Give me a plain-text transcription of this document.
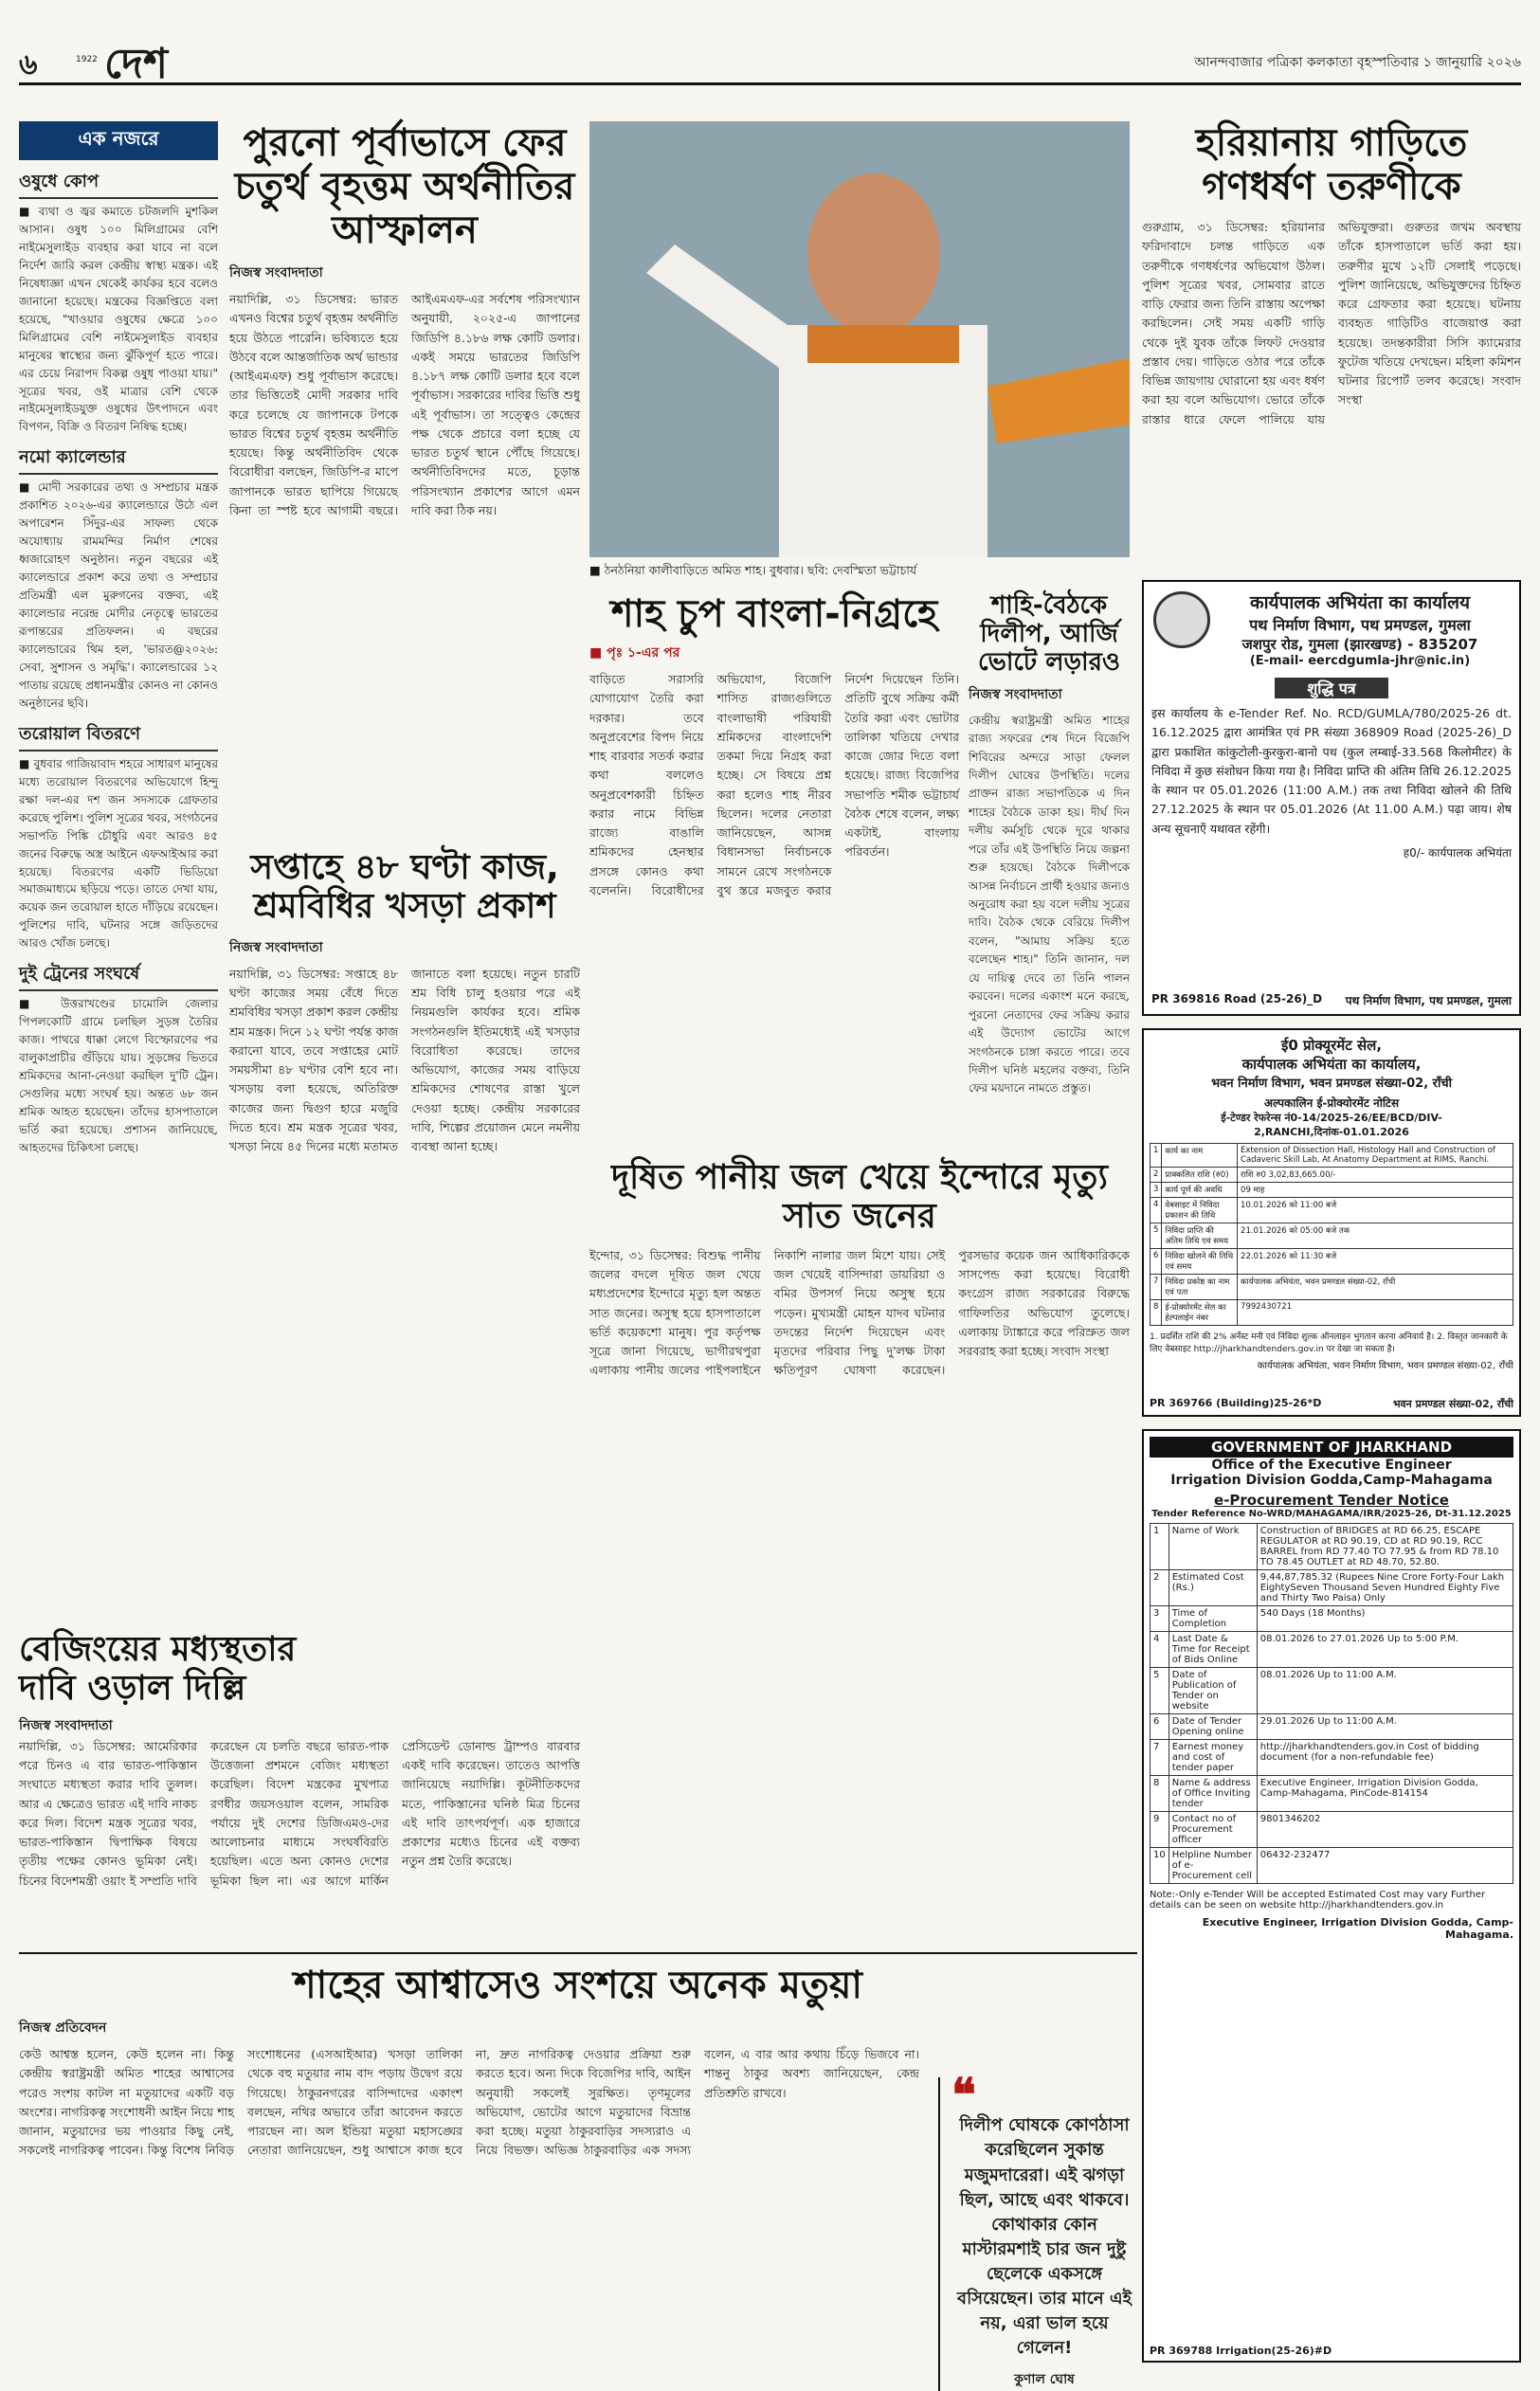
৬	1922 দেশ	আনন্দবাজার পত্রিকা কলকাতা বৃহস্পতিবার ১ জানুয়ারি ২০২৬
এক নজরে
ওষুধে কোপ
■ ব্যথা ও জ্বর কমাতে চটজলদি মুশকিল আসান। ওষুধ ১০০ মিলিগ্রামের বেশি নাইমেসুলাইড ব্যবহার করা যাবে না বলে নির্দেশ জারি করল কেন্দ্রীয় স্বাস্থ্য মন্ত্রক। এই নিষেধাজ্ঞা এখন থেকেই কার্যকর হবে বলেও জানানো হয়েছে। মন্ত্রকের বিজ্ঞপ্তিতে বলা হয়েছে, "খাওয়ার ওষুধের ক্ষেত্রে ১০০ মিলিগ্রামের বেশি নাইমেসুলাইড ব্যবহার মানুষের স্বাস্থ্যের জন্য ঝুঁকিপূর্ণ হতে পারে। এর চেয়ে নিরাপদ বিকল্প ওষুধ পাওয়া যায়।" সূত্রের খবর, ওই মাত্রার বেশি থেকে নাইমেসুলাইডযুক্ত ওষুধের উৎপাদনে এবং বিপণন, বিক্রি ও বিতরণ নিষিদ্ধ হচ্ছে।
নমো ক্যালেন্ডার
■ মোদী সরকারের তথ্য ও সম্প্রচার মন্ত্রক প্রকাশিত ২০২৬-এর ক্যালেন্ডারে উঠে এল অপারেশন সিঁদুর-এর সাফল্য থেকে অযোধ্যায় রামমন্দির নির্মাণ শেষের ধ্বজারোহণ অনুষ্ঠান। নতুন বছরের এই ক্যালেন্ডারে প্রকাশ করে তথ্য ও সম্প্রচার প্রতিমন্ত্রী এল মুরুগনের বক্তব্য, এই ক্যালেন্ডার নরেন্দ্র মোদীর নেতৃত্বে ভারতের রূপান্তরের প্রতিফলন। এ বছরের ক্যালেন্ডারের থিম হল, 'ভারত@২০২৬: সেবা, সুশাসন ও সমৃদ্ধি'। ক্যালেন্ডারের ১২ পাতায় রয়েছে প্রধানমন্ত্রীর কোনও না কোনও অনুষ্ঠানের ছবি।
তরোয়াল বিতরণে
■ বুধবার গাজিয়াবাদ শহরে সাধারণ মানুষের মধ্যে তরোয়াল বিতরণের অভিযোগে হিন্দু রক্ষা দল-এর দশ জন সদস্যকে গ্রেফতার করেছে পুলিশ। পুলিশ সূত্রের খবর, সংগঠনের সভাপতি পিঙ্কি চৌধুরি এবং আরও ৪৫ জনের বিরুদ্ধে অস্ত্র আইনে এফআইআর করা হয়েছে। বিতরণের একটি ভিডিয়ো সমাজমাধ্যমে ছড়িয়ে পড়ে। তাতে দেখা যায়, কয়েক জন তরোয়াল হাতে দাঁড়িয়ে রয়েছেন। পুলিশের দাবি, ঘটনার সঙ্গে জড়িতদের আরও খোঁজ চলছে।
দুই ট্রেনের সংঘর্ষে
■ উত্তরাখণ্ডের চামোলি জেলার পিপলকোটি গ্রামে চলছিল সুড়ঙ্গ তৈরির কাজ। পাথরে ধাক্কা লেগে বিস্ফোরণের পর বালুকাপ্রাচীর গুঁড়িয়ে যায়। সুড়ঙ্গের ভিতরে শ্রমিকদের আনা-নেওয়া করছিল দু'টি ট্রেন। সেগুলির মধ্যে সংঘর্ষ হয়। অন্তত ৬৮ জন শ্রমিক আহত হয়েছেন। তাঁদের হাসপাতালে ভর্তি করা হয়েছে। প্রশাসন জানিয়েছে, আহতদের চিকিৎসা চলছে।
পুরনো পূর্বাভাসে ফের চতুর্থ বৃহত্তম অর্থনীতির আস্ফালন
নিজস্ব সংবাদদাতা
নয়াদিল্লি, ৩১ ডিসেম্বর: ভারত এখনও বিশ্বের চতুর্থ বৃহত্তম অর্থনীতি হয়ে উঠতে পারেনি। ভবিষ্যতে হয়ে উঠবে বলে আন্তর্জাতিক অর্থ ভান্ডার (আইএমএফ) শুধু পূর্বাভাস করেছে। তার ভিত্তিতেই মোদী সরকার দাবি করে চলেছে যে জাপানকে টপকে ভারত বিশ্বের চতুর্থ বৃহত্তম অর্থনীতি হয়েছে। কিন্তু অর্থনীতিবিদ থেকে বিরোধীরা বলছেন, জিডিপি-র মাপে জাপানকে ভারত ছাপিয়ে গিয়েছে কিনা তা স্পষ্ট হবে আগামী বছরে। আইএমএফ-এর সর্বশেষ পরিসংখ্যান অনুযায়ী, ২০২৫-এ জাপানের জিডিপি ৪.১৮৬ লক্ষ কোটি ডলার। একই সময়ে ভারতের জিডিপি ৪.১৮৭ লক্ষ কোটি ডলার হবে বলে পূর্বাভাস। সরকারের দাবির ভিত্তি শুধু এই পূর্বাভাস। তা সত্ত্বেও কেন্দ্রের পক্ষ থেকে প্রচারে বলা হচ্ছে যে ভারত চতুর্থ স্থানে পৌঁছে গিয়েছে। অর্থনীতিবিদদের মতে, চূড়ান্ত পরিসংখ্যান প্রকাশের আগে এমন দাবি করা ঠিক নয়।
সপ্তাহে ৪৮ ঘণ্টা কাজ, শ্রমবিধির খসড়া প্রকাশ
নিজস্ব সংবাদদাতা
নয়াদিল্লি, ৩১ ডিসেম্বর: সপ্তাহে ৪৮ ঘণ্টা কাজের সময় বেঁধে দিতে শ্রমবিধির খসড়া প্রকাশ করল কেন্দ্রীয় শ্রম মন্ত্রক। দিনে ১২ ঘণ্টা পর্যন্ত কাজ করানো যাবে, তবে সপ্তাহের মোট সময়সীমা ৪৮ ঘণ্টার বেশি হবে না। খসড়ায় বলা হয়েছে, অতিরিক্ত কাজের জন্য দ্বিগুণ হারে মজুরি দিতে হবে। শ্রম মন্ত্রক সূত্রের খবর, খসড়া নিয়ে ৪৫ দিনের মধ্যে মতামত জানাতে বলা হয়েছে। নতুন চারটি শ্রম বিধি চালু হওয়ার পরে এই নিয়মগুলি কার্যকর হবে। শ্রমিক সংগঠনগুলি ইতিমধ্যেই এই খসড়ার বিরোধিতা করেছে। তাদের অভিযোগ, কাজের সময় বাড়িয়ে শ্রমিকদের শোষণের রাস্তা খুলে দেওয়া হচ্ছে। কেন্দ্রীয় সরকারের দাবি, শিল্পের প্রয়োজন মেনে নমনীয় ব্যবস্থা আনা হচ্ছে।
■ ঠনঠনিয়া কালীবাড়িতে অমিত শাহ। বুধবার। ছবি: দেবস্মিতা ভট্টাচার্য
শাহ চুপ বাংলা-নিগ্রহে
■ পৃঃ ১-এর পর
বাড়িতে সরাসরি যোগাযোগ তৈরি করা দরকার। তবে অনুপ্রবেশের বিপদ নিয়ে শাহ বারবার সতর্ক করার কথা বললেও অনুপ্রবেশকারী চিহ্নিত করার নামে বিভিন্ন রাজ্যে বাঙালি শ্রমিকদের হেনস্থার প্রসঙ্গে কোনও কথা বলেননি। বিরোধীদের অভিযোগ, বিজেপি শাসিত রাজ্যগুলিতে বাংলাভাষী পরিযায়ী শ্রমিকদের বাংলাদেশি তকমা দিয়ে নিগ্রহ করা হচ্ছে। সে বিষয়ে প্রশ্ন করা হলেও শাহ নীরব ছিলেন। দলের নেতারা জানিয়েছেন, আসন্ন বিধানসভা নির্বাচনকে সামনে রেখে সংগঠনকে বুথ স্তরে মজবুত করার নির্দেশ দিয়েছেন তিনি। প্রতিটি বুথে সক্রিয় কর্মী তৈরি করা এবং ভোটার তালিকা খতিয়ে দেখার কাজে জোর দিতে বলা হয়েছে। রাজ্য বিজেপির সভাপতি শমীক ভট্টাচার্য বৈঠক শেষে বলেন, লক্ষ্য একটাই, বাংলায় পরিবর্তন।
শাহি-বৈঠকে দিলীপ, আর্জি ভোটে লড়ারও
নিজস্ব সংবাদদাতা
কেন্দ্রীয় স্বরাষ্ট্রমন্ত্রী অমিত শাহের রাজ্য সফরের শেষ দিনে বিজেপি শিবিরের অন্দরে সাড়া ফেলল দিলীপ ঘোষের উপস্থিতি। দলের প্রাক্তন রাজ্য সভাপতিকে এ দিন শাহের বৈঠকে ডাকা হয়। দীর্ঘ দিন দলীয় কর্মসূচি থেকে দূরে থাকার পরে তাঁর এই উপস্থিতি নিয়ে জল্পনা শুরু হয়েছে। বৈঠকে দিলীপকে আসন্ন নির্বাচনে প্রার্থী হওয়ার জন্যও অনুরোধ করা হয় বলে দলীয় সূত্রের দাবি। বৈঠক থেকে বেরিয়ে দিলীপ বলেন, "আমায় সক্রিয় হতে বলেছেন শাহ।" তিনি জানান, দল যে দায়িত্ব দেবে তা তিনি পালন করবেন। দলের একাংশ মনে করছে, পুরনো নেতাদের ফের সক্রিয় করার এই উদ্যোগ ভোটের আগে সংগঠনকে চাঙ্গা করতে পারে। তবে দিলীপ ঘনিষ্ঠ মহলের বক্তব্য, তিনি ফের ময়দানে নামতে প্রস্তুত।
হরিয়ানায় গাড়িতে গণধর্ষণ তরুণীকে
গুরুগ্রাম, ৩১ ডিসেম্বর: হরিয়ানার ফরিদাবাদে চলন্ত গাড়িতে এক তরুণীকে গণধর্ষণের অভিযোগ উঠল। পুলিশ সূত্রের খবর, সোমবার রাতে বাড়ি ফেরার জন্য তিনি রাস্তায় অপেক্ষা করছিলেন। সেই সময় একটি গাড়ি থেকে দুই যুবক তাঁকে লিফট দেওয়ার প্রস্তাব দেয়। গাড়িতে ওঠার পরে তাঁকে বিভিন্ন জায়গায় ঘোরানো হয় এবং ধর্ষণ করা হয় বলে অভিযোগ। ভোরে তাঁকে রাস্তার ধারে ফেলে পালিয়ে যায় অভিযুক্তরা। গুরুতর জখম অবস্থায় তাঁকে হাসপাতালে ভর্তি করা হয়। তরুণীর মুখে ১২টি সেলাই পড়েছে। পুলিশ জানিয়েছে, অভিযুক্তদের চিহ্নিত করে গ্রেফতার করা হয়েছে। ঘটনায় ব্যবহৃত গাড়িটিও বাজেয়াপ্ত করা হয়েছে। তদন্তকারীরা সিসি ক্যামেরার ফুটেজ খতিয়ে দেখছেন। মহিলা কমিশন ঘটনার রিপোর্ট তলব করেছে। সংবাদ সংস্থা
कार्यपालक अभियंता का कार्यालय
पथ निर्माण विभाग, पथ प्रमण्डल, गुमला
जशपुर रोड, गुमला (झारखण्ड) - 835207
(E-mail- eercdgumla-jhr@nic.in)
शुद्धि पत्र
इस कार्यालय के e-Tender Ref. No. RCD/GUMLA/780/2025-26 dt. 16.12.2025 द्वारा आमंत्रित एवं PR संख्या 368909 Road (2025-26)_D द्वारा प्रकाशित कांकुटोली-कुरकुरा-बानो पथ (कुल लम्बाई-33.568 किलोमीटर) के निविदा में कुछ संशोधन किया गया है। निविदा प्राप्ति की अंतिम तिथि 26.12.2025 के स्थान पर 05.01.2026 (11:00 A.M.) तक तथा निविदा खोलने की तिथि 27.12.2025 के स्थान पर 05.01.2026 (At 11.00 A.M.) पढ़ा जाय। शेष अन्य सूचनाएँ यथावत रहेंगी।
ह0/- कार्यपालक अभियंता
PR 369816 Road (25-26)_D पथ निर्माण विभाग, पथ प्रमण्डल, गुमला
ई0 प्रोक्यूरमेंट सेल,
कार्यपालक अभियंता का कार्यालय,
भवन निर्माण विभाग, भवन प्रमण्डल संख्या-02, राँची
अल्पकालिन ई-प्रोक्योरमेंट नोटिस
ई-टेण्डर रेफरेन्स नं0-14/2025-26/EE/BCD/DIV-2,RANCHI,दिनांक-01.01.2026
1	कार्य का नाम	Extension of Dissection Hall, Histology Hall and Construction of Cadaveric Skill Lab, At Anatomy Department at RIMS, Ranchi.
2	प्राक्कलित राशि (रु0)	राशि रु0 3,02,83,665.00/-
3	कार्य पूर्ण की अवधि	09 माह
4	वेबसाइट में निविदा प्रकाशन की तिथि	10.01.2026 को 11:00 बजे
5	निविदा प्राप्ति की अंतिम तिथि एवं समय	21.01.2026 को 05:00 बजे तक
6	निविदा खोलने की तिथि एवं समय	22.01.2026 को 11:30 बजे
7	निविदा प्रकोष्ठ का नाम एवं पता	कार्यपालक अभियंता, भवन प्रमण्डल संख्या-02, राँची
8	ई-प्रोक्योरमेंट सेल का हेल्पलाईन नंबर	7992430721
1. प्रदर्शित राशि की 2% अर्नेस्ट मनी एवं निविदा शुल्क ऑनलाइन भुगतान करना अनिवार्य है। 2. विस्तृत जानकारी के लिए वेबसाइट http://jharkhandtenders.gov.in पर देखा जा सकता है।
कार्यपालक अभियंता, भवन निर्माण विभाग, भवन प्रमण्डल संख्या-02, राँची
PR 369766 (Building)25-26*D	भवन प्रमण्डल संख्या-02, राँची
দূষিত পানীয় জল খেয়ে ইন্দোরে মৃত্যু সাত জনের
ইন্দোর, ৩১ ডিসেম্বর: বিশুদ্ধ পানীয় জলের বদলে দূষিত জল খেয়ে মধ্যপ্রদেশের ইন্দোরে মৃত্যু হল অন্তত সাত জনের। অসুস্থ হয়ে হাসপাতালে ভর্তি কয়েকশো মানুষ। পুর কর্তৃপক্ষ সূত্রে জানা গিয়েছে, ভাগীরথপুরা এলাকায় পানীয় জলের পাইপলাইনে নিকাশি নালার জল মিশে যায়। সেই জল খেয়েই বাসিন্দারা ডায়রিয়া ও বমির উপসর্গ নিয়ে অসুস্থ হয়ে পড়েন। মুখ্যমন্ত্রী মোহন যাদব ঘটনার তদন্তের নির্দেশ দিয়েছেন এবং মৃতদের পরিবার পিছু দু'লক্ষ টাকা ক্ষতিপূরণ ঘোষণা করেছেন। পুরসভার কয়েক জন আধিকারিককে সাসপেন্ড করা হয়েছে। বিরোধী কংগ্রেস রাজ্য সরকারের বিরুদ্ধে গাফিলতির অভিযোগ তুলেছে। এলাকায় ট্যাঙ্কারে করে পরিস্রুত জল সরবরাহ করা হচ্ছে। সংবাদ সংস্থা
বেজিংয়ের মধ্যস্থতার দাবি ওড়াল দিল্লি
নিজস্ব সংবাদদাতা
নয়াদিল্লি, ৩১ ডিসেম্বর: আমেরিকার পরে চিনও এ বার ভারত-পাকিস্তান সংঘাতে মধ্যস্থতা করার দাবি তুলল। আর এ ক্ষেত্রেও ভারত এই দাবি নাকচ করে দিল। বিদেশ মন্ত্রক সূত্রের খবর, ভারত-পাকিস্তান দ্বিপাক্ষিক বিষয়ে তৃতীয় পক্ষের কোনও ভূমিকা নেই। চিনের বিদেশমন্ত্রী ওয়াং ই সম্প্রতি দাবি করেছেন যে চলতি বছরে ভারত-পাক উত্তেজনা প্রশমনে বেজিং মধ্যস্থতা করেছিল। বিদেশ মন্ত্রকের মুখপাত্র রণধীর জয়সওয়াল বলেন, সামরিক পর্যায়ে দুই দেশের ডিজিএমও-দের আলোচনার মাধ্যমে সংঘর্ষবিরতি হয়েছিল। এতে অন্য কোনও দেশের ভূমিকা ছিল না। এর আগে মার্কিন প্রেসিডেন্ট ডোনাল্ড ট্রাম্পও বারবার একই দাবি করেছেন। তাতেও আপত্তি জানিয়েছে নয়াদিল্লি। কূটনীতিকদের মতে, পাকিস্তানের ঘনিষ্ঠ মিত্র চিনের এই দাবি তাৎপর্যপূর্ণ। এক হাজারে প্রকাশের মধ্যেও চিনের এই বক্তব্য নতুন প্রশ্ন তৈরি করেছে।
শাহের আশ্বাসেও সংশয়ে অনেক মতুয়া
নিজস্ব প্রতিবেদন
কেউ আশ্বস্ত হলেন, কেউ হলেন না। কিন্তু কেন্দ্রীয় স্বরাষ্ট্রমন্ত্রী অমিত শাহের আশ্বাসের পরেও সংশয় কাটল না মতুয়াদের একটি বড় অংশের। নাগরিকত্ব সংশোধনী আইন নিয়ে শাহ জানান, মতুয়াদের ভয় পাওয়ার কিছু নেই, সকলেই নাগরিকত্ব পাবেন। কিন্তু বিশেষ নিবিড় সংশোধনের (এসআইআর) খসড়া তালিকা থেকে বহু মতুয়ার নাম বাদ পড়ায় উদ্বেগ রয়ে গিয়েছে। ঠাকুরনগরের বাসিন্দাদের একাংশ বলছেন, নথির অভাবে তাঁরা আবেদন করতে পারছেন না। অল ইন্ডিয়া মতুয়া মহাসঙ্ঘের নেতারা জানিয়েছেন, শুধু আশ্বাসে কাজ হবে না, দ্রুত নাগরিকত্ব দেওয়ার প্রক্রিয়া শুরু করতে হবে। অন্য দিকে বিজেপির দাবি, আইন অনুযায়ী সকলেই সুরক্ষিত। তৃণমূলের অভিযোগ, ভোটের আগে মতুয়াদের বিভ্রান্ত করা হচ্ছে। মতুয়া ঠাকুরবাড়ির সদস্যরাও এ নিয়ে বিভক্ত। অভিজ্ঞ ঠাকুরবাড়ির এক সদস্য বলেন, এ বার আর কথায় চিঁড়ে ভিজবে না। শান্তনু ঠাকুর অবশ্য জানিয়েছেন, কেন্দ্র প্রতিশ্রুতি রাখবে।	❝
দিলীপ ঘোষকে কোণঠাসা করেছিলেন সুকান্ত মজুমদারেরা। এই ঝগড়া ছিল, আছে এবং থাকবে। কোথাকার কোন মাস্টারমশাই চার জন দুষ্টু ছেলেকে একসঙ্গে বসিয়েছেন। তার মানে এই নয়, এরা ভাল হয়ে গেলেন!
কুণাল ঘোষ
GOVERNMENT OF JHARKHAND
Office of the Executive Engineer
Irrigation Division Godda,Camp-Mahagama
e-Procurement Tender Notice
Tender Reference No-WRD/MAHAGAMA/IRR/2025-26, Dt-31.12.2025
1	Name of Work	Construction of BRIDGES at RD 66.25, ESCAPE REGULATOR at RD 90.19, CD at RD 90.19, RCC BARREL from RD 77.40 TO 77.95 & from RD 78.10 TO 78.45 OUTLET at RD 48.70, 52.80.
2	Estimated Cost (Rs.)	9,44,87,785.32 (Rupees Nine Crore Forty-Four Lakh EightySeven Thousand Seven Hundred Eighty Five and Thirty Two Paisa) Only
3	Time of Completion	540 Days (18 Months)
4	Last Date & Time for Receipt of Bids Online	08.01.2026 to 27.01.2026 Up to 5:00 P.M.
5	Date of Publication of Tender on website	08.01.2026 Up to 11:00 A.M.
6	Date of Tender Opening online	29.01.2026 Up to 11:00 A.M.
7	Earnest money and cost of tender paper	http://jharkhandtenders.gov.in Cost of bidding document (for a non-refundable fee)
8	Name & address of Office Inviting tender	Executive Engineer, Irrigation Division Godda, Camp-Mahagama, PinCode-814154
9	Contact no of Procurement officer	9801346202
10	Helpline Number of e-Procurement cell	06432-232477
Note:-Only e-Tender Will be accepted Estimated Cost may vary Further details can be seen on website http://jharkhandtenders.gov.in
Executive Engineer, Irrigation Division Godda, Camp-Mahagama.
PR 369788 Irrigation(25-26)#D
